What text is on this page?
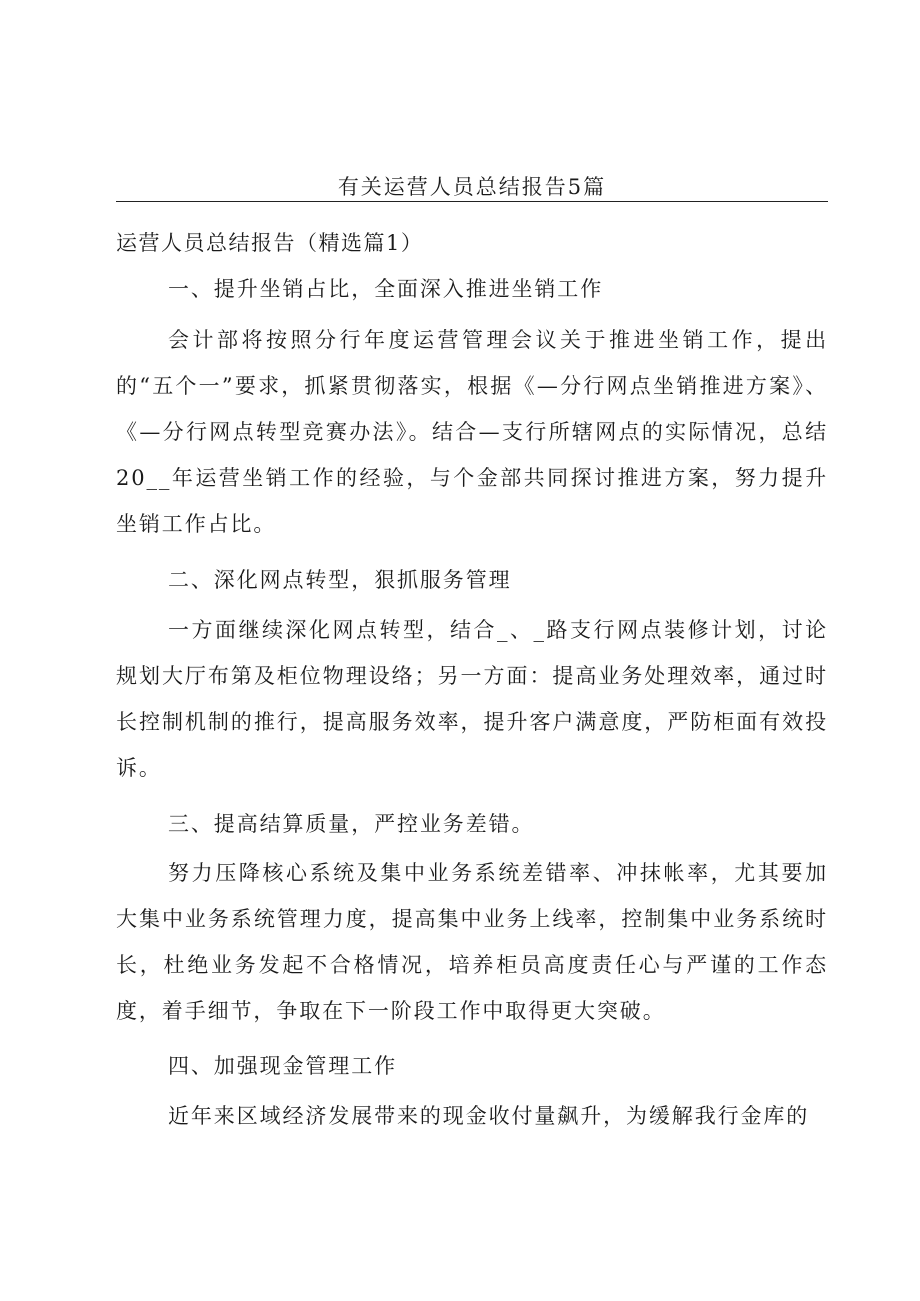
有关运营人员总结报告5篇

运营人员总结报告（精选篇1）

一、提升坐销占比，全面深入推进坐销工作

会计部将按照分行年度运营管理会议关于推进坐销工作，提出的“五个一”要求，抓紧贯彻落实，根据《—分行网点坐销推进方案》、《—分行网点转型竞赛办法》。结合—支行所辖网点的实际情况，总结20__年运营坐销工作的经验，与个金部共同探讨推进方案，努力提升坐销工作占比。

二、深化网点转型，狠抓服务管理

一方面继续深化网点转型，结合_、_路支行网点装修计划，讨论规划大厅布第及柜位物理设络；另一方面：提高业务处理效率，通过时长控制机制的推行，提高服务效率，提升客户满意度，严防柜面有效投诉。

三、提高结算质量，严控业务差错。

努力压降核心系统及集中业务系统差错率、冲抹帐率，尤其要加大集中业务系统管理力度，提高集中业务上线率，控制集中业务系统时长，杜绝业务发起不合格情况，培养柜员高度责任心与严谨的工作态度，着手细节，争取在下一阶段工作中取得更大突破。

四、加强现金管理工作

近年来区域经济发展带来的现金收付量飙升，为缓解我行金库的
